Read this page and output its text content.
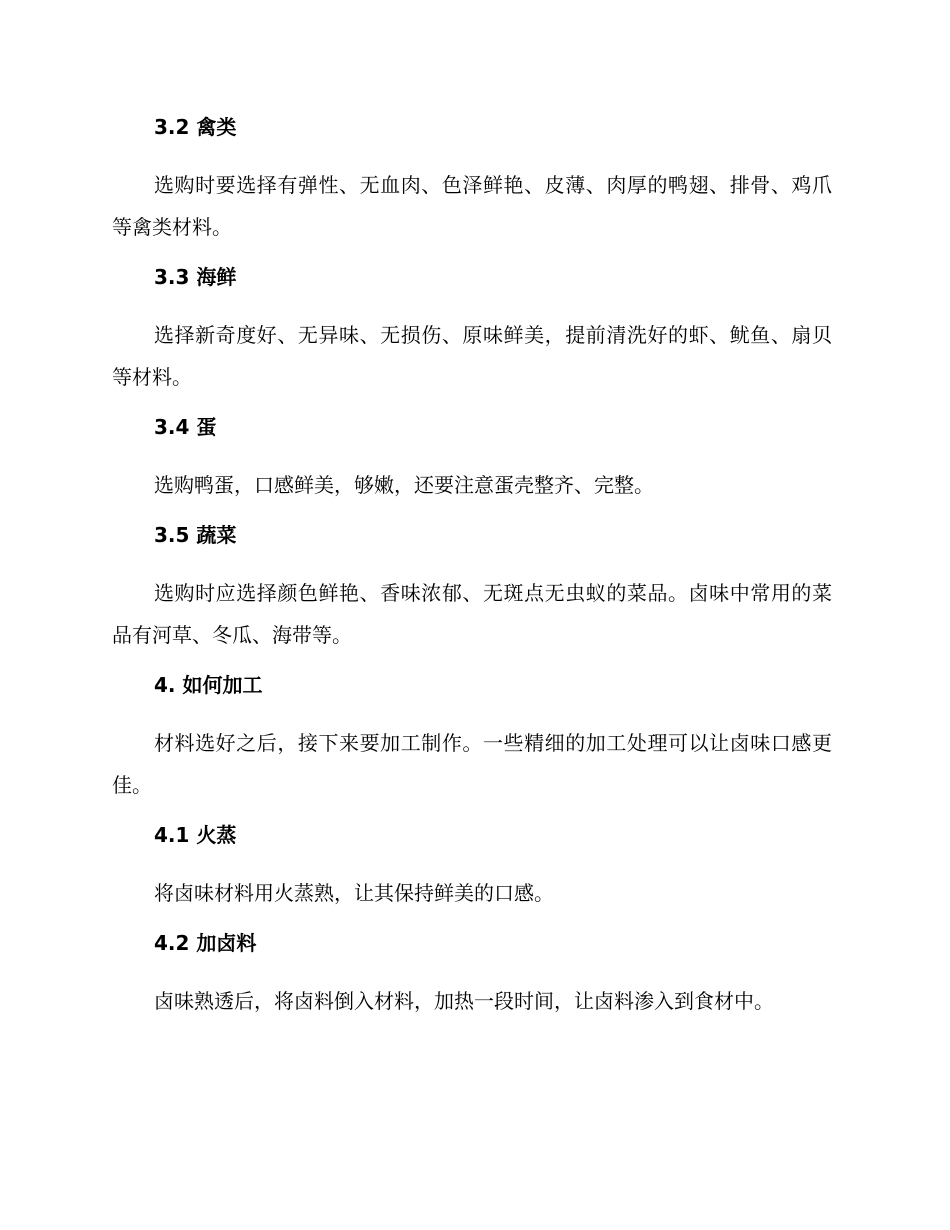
3.2 禽类

选购时要选择有弹性、无血肉、色泽鲜艳、皮薄、肉厚的鸭翅、排骨、鸡爪等禽类材料。

3.3 海鲜

选择新奇度好、无异味、无损伤、原味鲜美，提前清洗好的虾、鱿鱼、扇贝等材料。

3.4 蛋

选购鸭蛋，口感鲜美，够嫩，还要注意蛋壳整齐、完整。

3.5 蔬菜

选购时应选择颜色鲜艳、香味浓郁、无斑点无虫蚁的菜品。卤味中常用的菜品有河草、冬瓜、海带等。

4. 如何加工

材料选好之后，接下来要加工制作。一些精细的加工处理可以让卤味口感更佳。

4.1 火蒸

将卤味材料用火蒸熟，让其保持鲜美的口感。

4.2 加卤料

卤味熟透后，将卤料倒入材料，加热一段时间，让卤料渗入到食材中。
